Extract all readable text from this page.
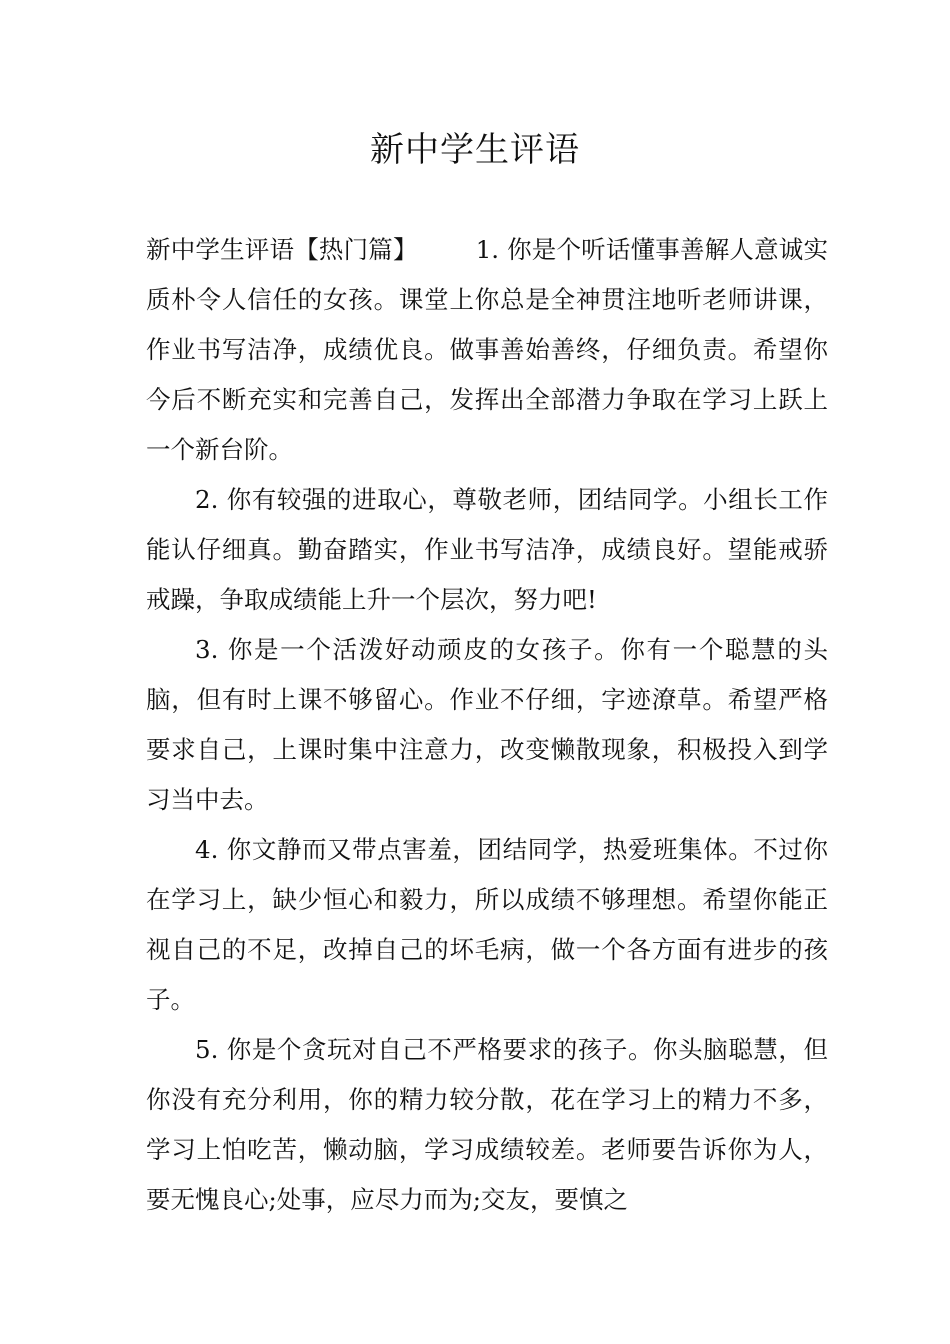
新中学生评语

新中学生评语【热门篇】 1. 你是个听话懂事善解人意诚实质朴令人信任的女孩。课堂上你总是全神贯注地听老师讲课，作业书写洁净，成绩优良。做事善始善终，仔细负责。希望你今后不断充实和完善自己，发挥出全部潜力争取在学习上跃上一个新台阶。

2. 你有较强的进取心，尊敬老师，团结同学。小组长工作能认仔细真。勤奋踏实，作业书写洁净，成绩良好。望能戒骄戒躁，争取成绩能上升一个层次，努力吧!

3. 你是一个活泼好动顽皮的女孩子。你有一个聪慧的头脑，但有时上课不够留心。作业不仔细，字迹潦草。希望严格要求自己，上课时集中注意力，改变懒散现象，积极投入到学习当中去。

4. 你文静而又带点害羞，团结同学，热爱班集体。不过你在学习上，缺少恒心和毅力，所以成绩不够理想。希望你能正视自己的不足，改掉自己的坏毛病，做一个各方面有进步的孩子。

5. 你是个贪玩对自己不严格要求的孩子。你头脑聪慧，但你没有充分利用，你的精力较分散，花在学习上的精力不多，学习上怕吃苦，懒动脑，学习成绩较差。老师要告诉你为人，要无愧良心;处事，应尽力而为;交友，要慎之
